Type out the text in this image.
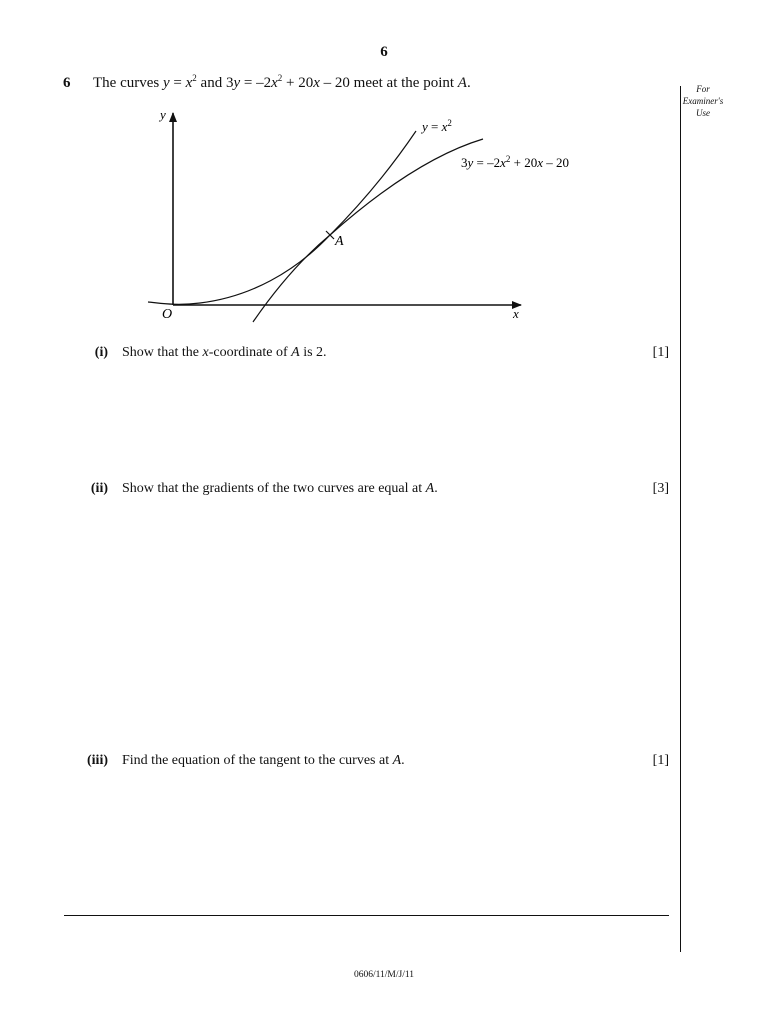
6
6 The curves $y = x^2$ and $3y = -2x^2 + 20x - 20$ meet at the point A.	For
Examiner's
Use
A
y
x
O
$y = x^2$
$3y = -2x^2 + 20x - 20$
(i) Show that the x-coordinate of A is 2.	[1]
(ii) Show that the gradients of the two curves are equal at A.	[3]
(iii) Find the equation of the tangent to the curves at A.	[1]
0606/11/M/J/11
